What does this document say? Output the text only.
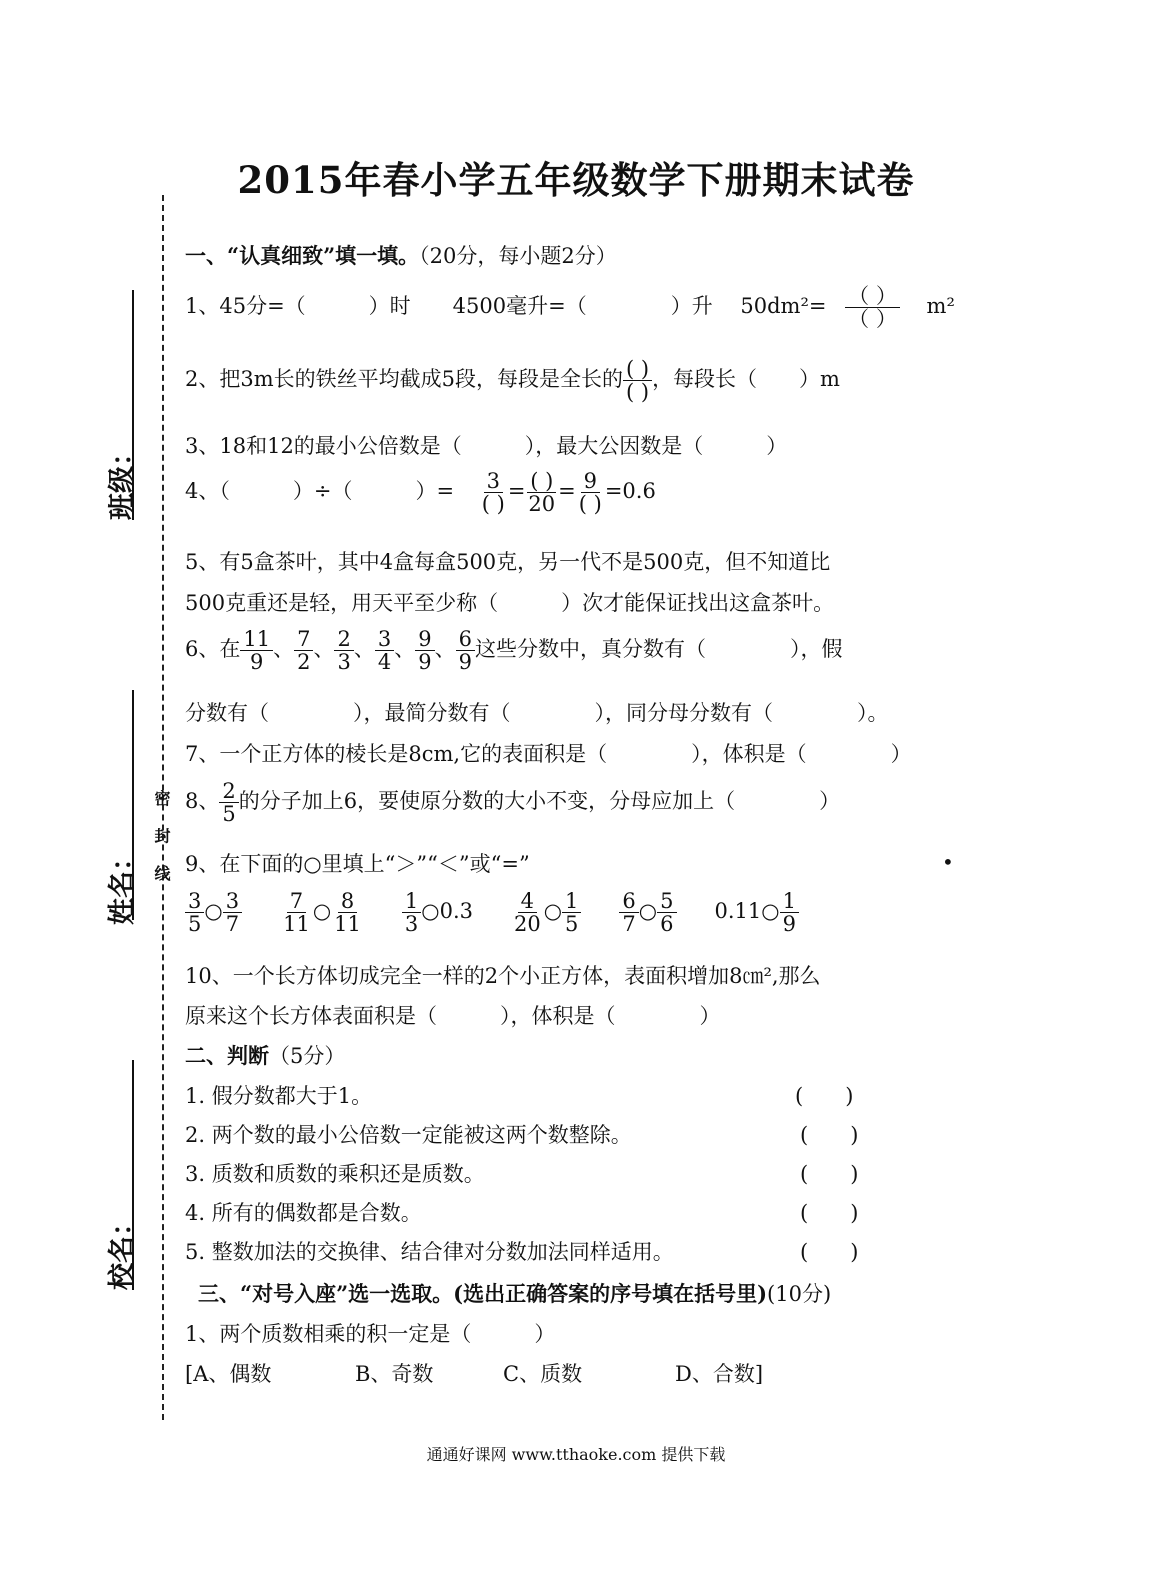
2015年春小学五年级数学下册期末试卷
密 封 线
班级：
姓名：
校名：
一、“认真细致”填一填。（20分，每小题2分）
1、45分=（　　　）时　　4500毫升=（　　　　）升　 $50dm^2= \frac{( )}{( )} m^2$
2、把3m长的铁丝平均截成5段，每段是全长的 $\frac{( )}{( )}$ ，每段长（　　）m
3、18和12的最小公倍数是（　　　），最大公因数是（　　　）
4、（　　　）÷（　　　）= $\frac{3}{( )} = \frac{( )}{20} = \frac{9}{( )} =0.6$
5、有5盒茶叶，其中4盒每盒500克，另一代不是500克，但不知道比
500克重还是轻，用天平至少称（　　　）次才能保证找出这盒茶叶。
6、在 $\frac{11}{9}$ 、 $\frac{7}{2}$ 、 $\frac{2}{3}$ 、 $\frac{3}{4}$ 、 $\frac{9}{9}$ 、 $\frac{6}{9}$ 这些分数中，真分数有（　　　　），假
分数有（　　　　），最简分数有（　　　　），同分母分数有（　　　　）。
7、一个正方体的棱长是8cm,它的表面积是（　　　　），体积是（　　　　）
8、 $\frac{2}{5}$ 的分子加上6，要使原分数的大小不变，分母应加上（　　　　）
9、在下面的○里填上“＞”“＜”或“=”	•
$\frac{3}{5}$ ○ $\frac{3}{7} \frac{7}{11}$ ○ $\frac{8}{11} \frac{1}{3}$ ○0.3 $\frac{4}{20}$ ○ $\frac{1}{5} \frac{6}{7}$ ○ $\frac{5}{6}$ 0.11○ $\frac{1}{9}$
10、一个长方体切成完全一样的2个小正方体，表面积增加8㎝²,那么
原来这个长方体表面积是（　　　），体积是（　　　　）
二、判断（5分）
1. 假分数都大于1。	(　　)
2. 两个数的最小公倍数一定能被这两个数整除。	(　　)
3. 质数和质数的乘积还是质数。	(　　)
4. 所有的偶数都是合数。	(　　)
5. 整数加法的交换律、结合律对分数加法同样适用。	(　　)
三、“对号入座”选一选取。(选出正确答案的序号填在括号里)(10分)
1、两个质数相乘的积一定是（　　　）
[A、偶数	B、奇数	C、质数	D、合数]
通通好课网 www.tthaoke.com 提供下载
